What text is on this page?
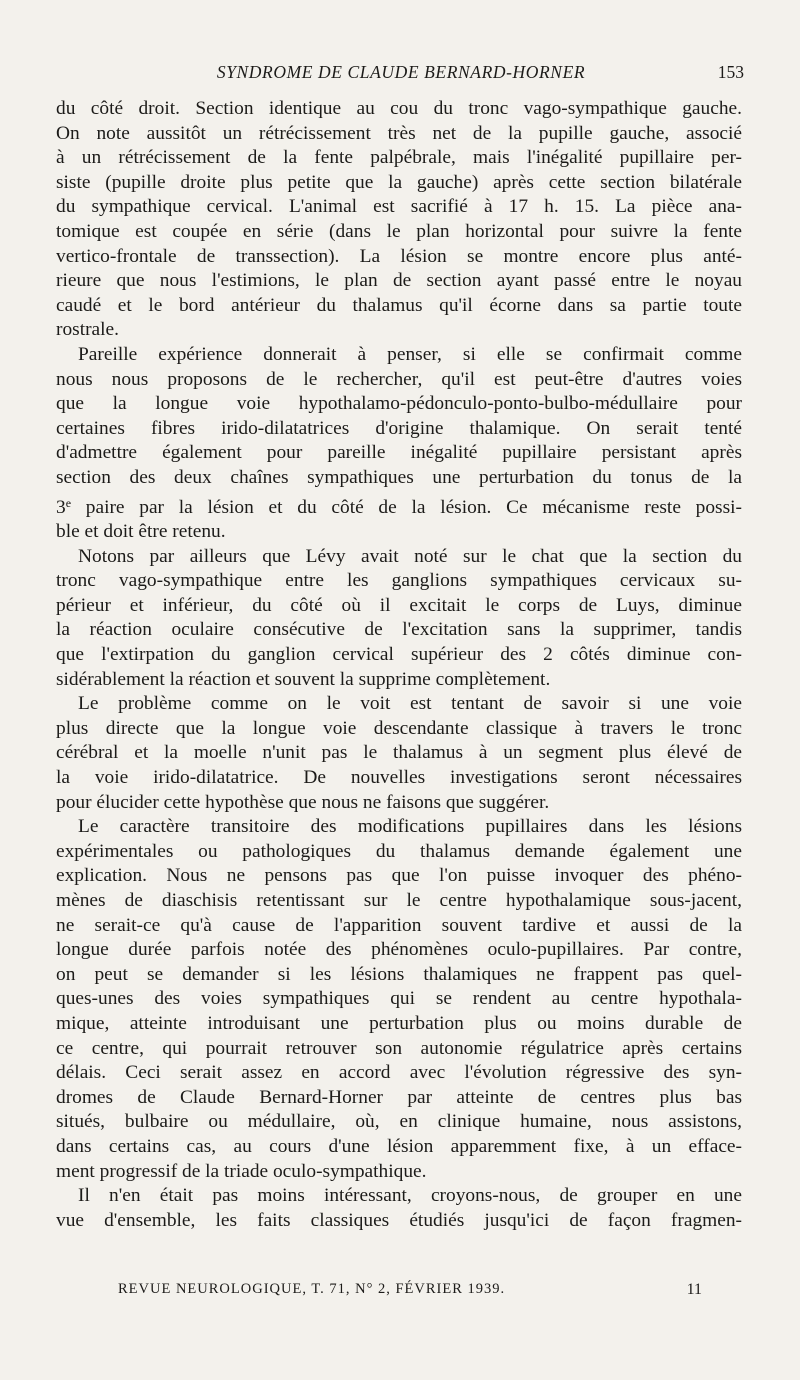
SYNDROME DE CLAUDE BERNARD-HORNER	153
du côté droit. Section identique au cou du tronc vago-sympathique gauche.
On note aussitôt un rétrécissement très net de la pupille gauche, associé
à un rétrécissement de la fente palpébrale, mais l'inégalité pupillaire per-
siste (pupille droite plus petite que la gauche) après cette section bilatérale
du sympathique cervical. L'animal est sacrifié à 17 h. 15. La pièce ana-
tomique est coupée en série (dans le plan horizontal pour suivre la fente
vertico-frontale de transsection). La lésion se montre encore plus anté-
rieure que nous l'estimions, le plan de section ayant passé entre le noyau
caudé et le bord antérieur du thalamus qu'il écorne dans sa partie toute
rostrale.
Pareille expérience donnerait à penser, si elle se confirmait comme
nous nous proposons de le rechercher, qu'il est peut-être d'autres voies
que la longue voie hypothalamo-pédonculo-ponto-bulbo-médullaire pour
certaines fibres irido-dilatatrices d'origine thalamique. On serait tenté
d'admettre également pour pareille inégalité pupillaire persistant après
section des deux chaînes sympathiques une perturbation du tonus de la
3e paire par la lésion et du côté de la lésion. Ce mécanisme reste possi-
ble et doit être retenu.
Notons par ailleurs que Lévy avait noté sur le chat que la section du
tronc vago-sympathique entre les ganglions sympathiques cervicaux su-
périeur et inférieur, du côté où il excitait le corps de Luys, diminue
la réaction oculaire consécutive de l'excitation sans la supprimer, tandis
que l'extirpation du ganglion cervical supérieur des 2 côtés diminue con-
sidérablement la réaction et souvent la supprime complètement.
Le problème comme on le voit est tentant de savoir si une voie
plus directe que la longue voie descendante classique à travers le tronc
cérébral et la moelle n'unit pas le thalamus à un segment plus élevé de
la voie irido-dilatatrice. De nouvelles investigations seront nécessaires
pour élucider cette hypothèse que nous ne faisons que suggérer.
Le caractère transitoire des modifications pupillaires dans les lésions
expérimentales ou pathologiques du thalamus demande également une
explication. Nous ne pensons pas que l'on puisse invoquer des phéno-
mènes de diaschisis retentissant sur le centre hypothalamique sous-jacent,
ne serait-ce qu'à cause de l'apparition souvent tardive et aussi de la
longue durée parfois notée des phénomènes oculo-pupillaires. Par contre,
on peut se demander si les lésions thalamiques ne frappent pas quel-
ques-unes des voies sympathiques qui se rendent au centre hypothala-
mique, atteinte introduisant une perturbation plus ou moins durable de
ce centre, qui pourrait retrouver son autonomie régulatrice après certains
délais. Ceci serait assez en accord avec l'évolution régressive des syn-
dromes de Claude Bernard-Horner par atteinte de centres plus bas
situés, bulbaire ou médullaire, où, en clinique humaine, nous assistons,
dans certains cas, au cours d'une lésion apparemment fixe, à un efface-
ment progressif de la triade oculo-sympathique.
Il n'en était pas moins intéressant, croyons-nous, de grouper en une
vue d'ensemble, les faits classiques étudiés jusqu'ici de façon fragmen-
REVUE NEUROLOGIQUE, T. 71, N° 2, FÉVRIER 1939.	11
